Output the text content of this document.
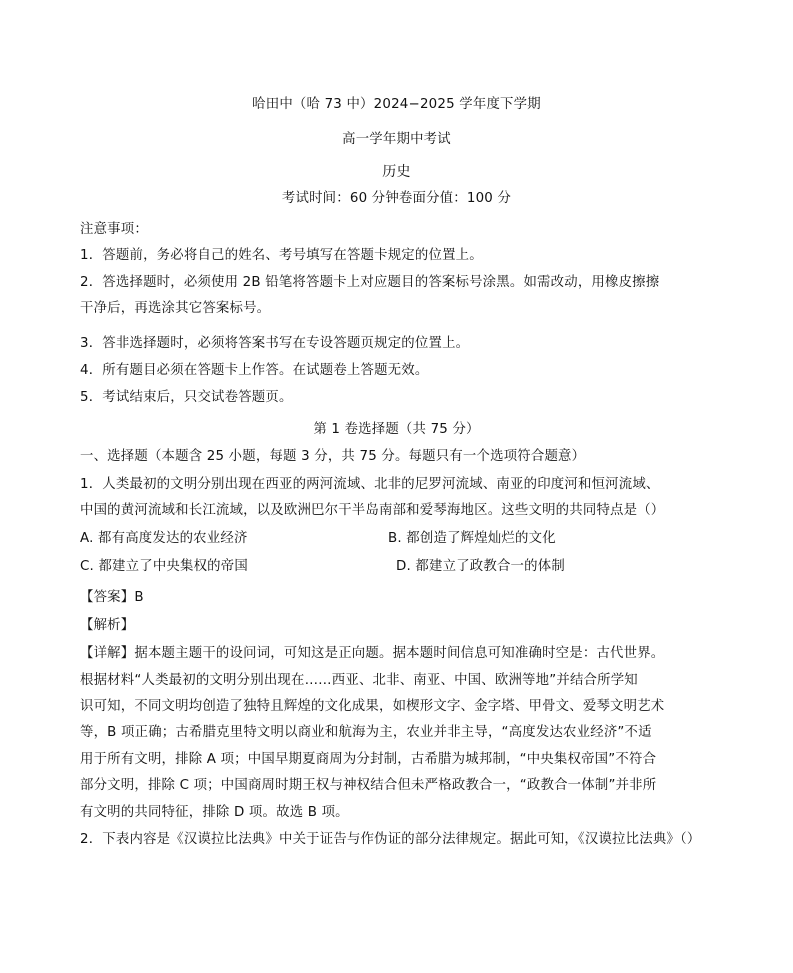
哈田中（哈 73 中）2024−2025 学年度下学期
高一学年期中考试
历史
考试时间：60 分钟卷面分值：100 分
注意事项：
1．答题前，务必将自己的姓名、考号填写在答题卡规定的位置上。
2．答选择题时，必须使用 2B 铅笔将答题卡上对应题目的答案标号涂黑。如需改动，用橡皮擦擦
干净后，再选涂其它答案标号。
3．答非选择题时，必须将答案书写在专设答题页规定的位置上。
4．所有题目必须在答题卡上作答。在试题卷上答题无效。
5．考试结束后，只交试卷答题页。
第 1 卷选择题（共 75 分）
一、选择题（本题含 25 小题，每题 3 分，共 75 分。每题只有一个选项符合题意）
1．人类最初的文明分别出现在西亚的两河流域、北非的尼罗河流域、南亚的印度河和恒河流域、
中国的黄河流域和长江流域，以及欧洲巴尔干半岛南部和爱琴海地区。这些文明的共同特点是（）
A. 都有高度发达的农业经济	B. 都创造了辉煌灿烂的文化
C. 都建立了中央集权的帝国	D. 都建立了政教合一的体制
【答案】B
【解析】
【详解】据本题主题干的设问词，可知这是正向题。据本题时间信息可知准确时空是：古代世界。
根据材料“人类最初的文明分别出现在……西亚、北非、南亚、中国、欧洲等地”并结合所学知
识可知，不同文明均创造了独特且辉煌的文化成果，如楔形文字、金字塔、甲骨文、爱琴文明艺术
等，B 项正确；古希腊克里特文明以商业和航海为主，农业并非主导，“高度发达农业经济”不适
用于所有文明，排除 A 项；中国早期夏商周为分封制，古希腊为城邦制，“中央集权帝国”不符合
部分文明，排除 C 项；中国商周时期王权与神权结合但未严格政教合一，“政教合一体制”并非所
有文明的共同特征，排除 D 项。故选 B 项。
2．下表内容是《汉谟拉比法典》中关于证告与作伪证的部分法律规定。据此可知，《汉谟拉比法典》（）
